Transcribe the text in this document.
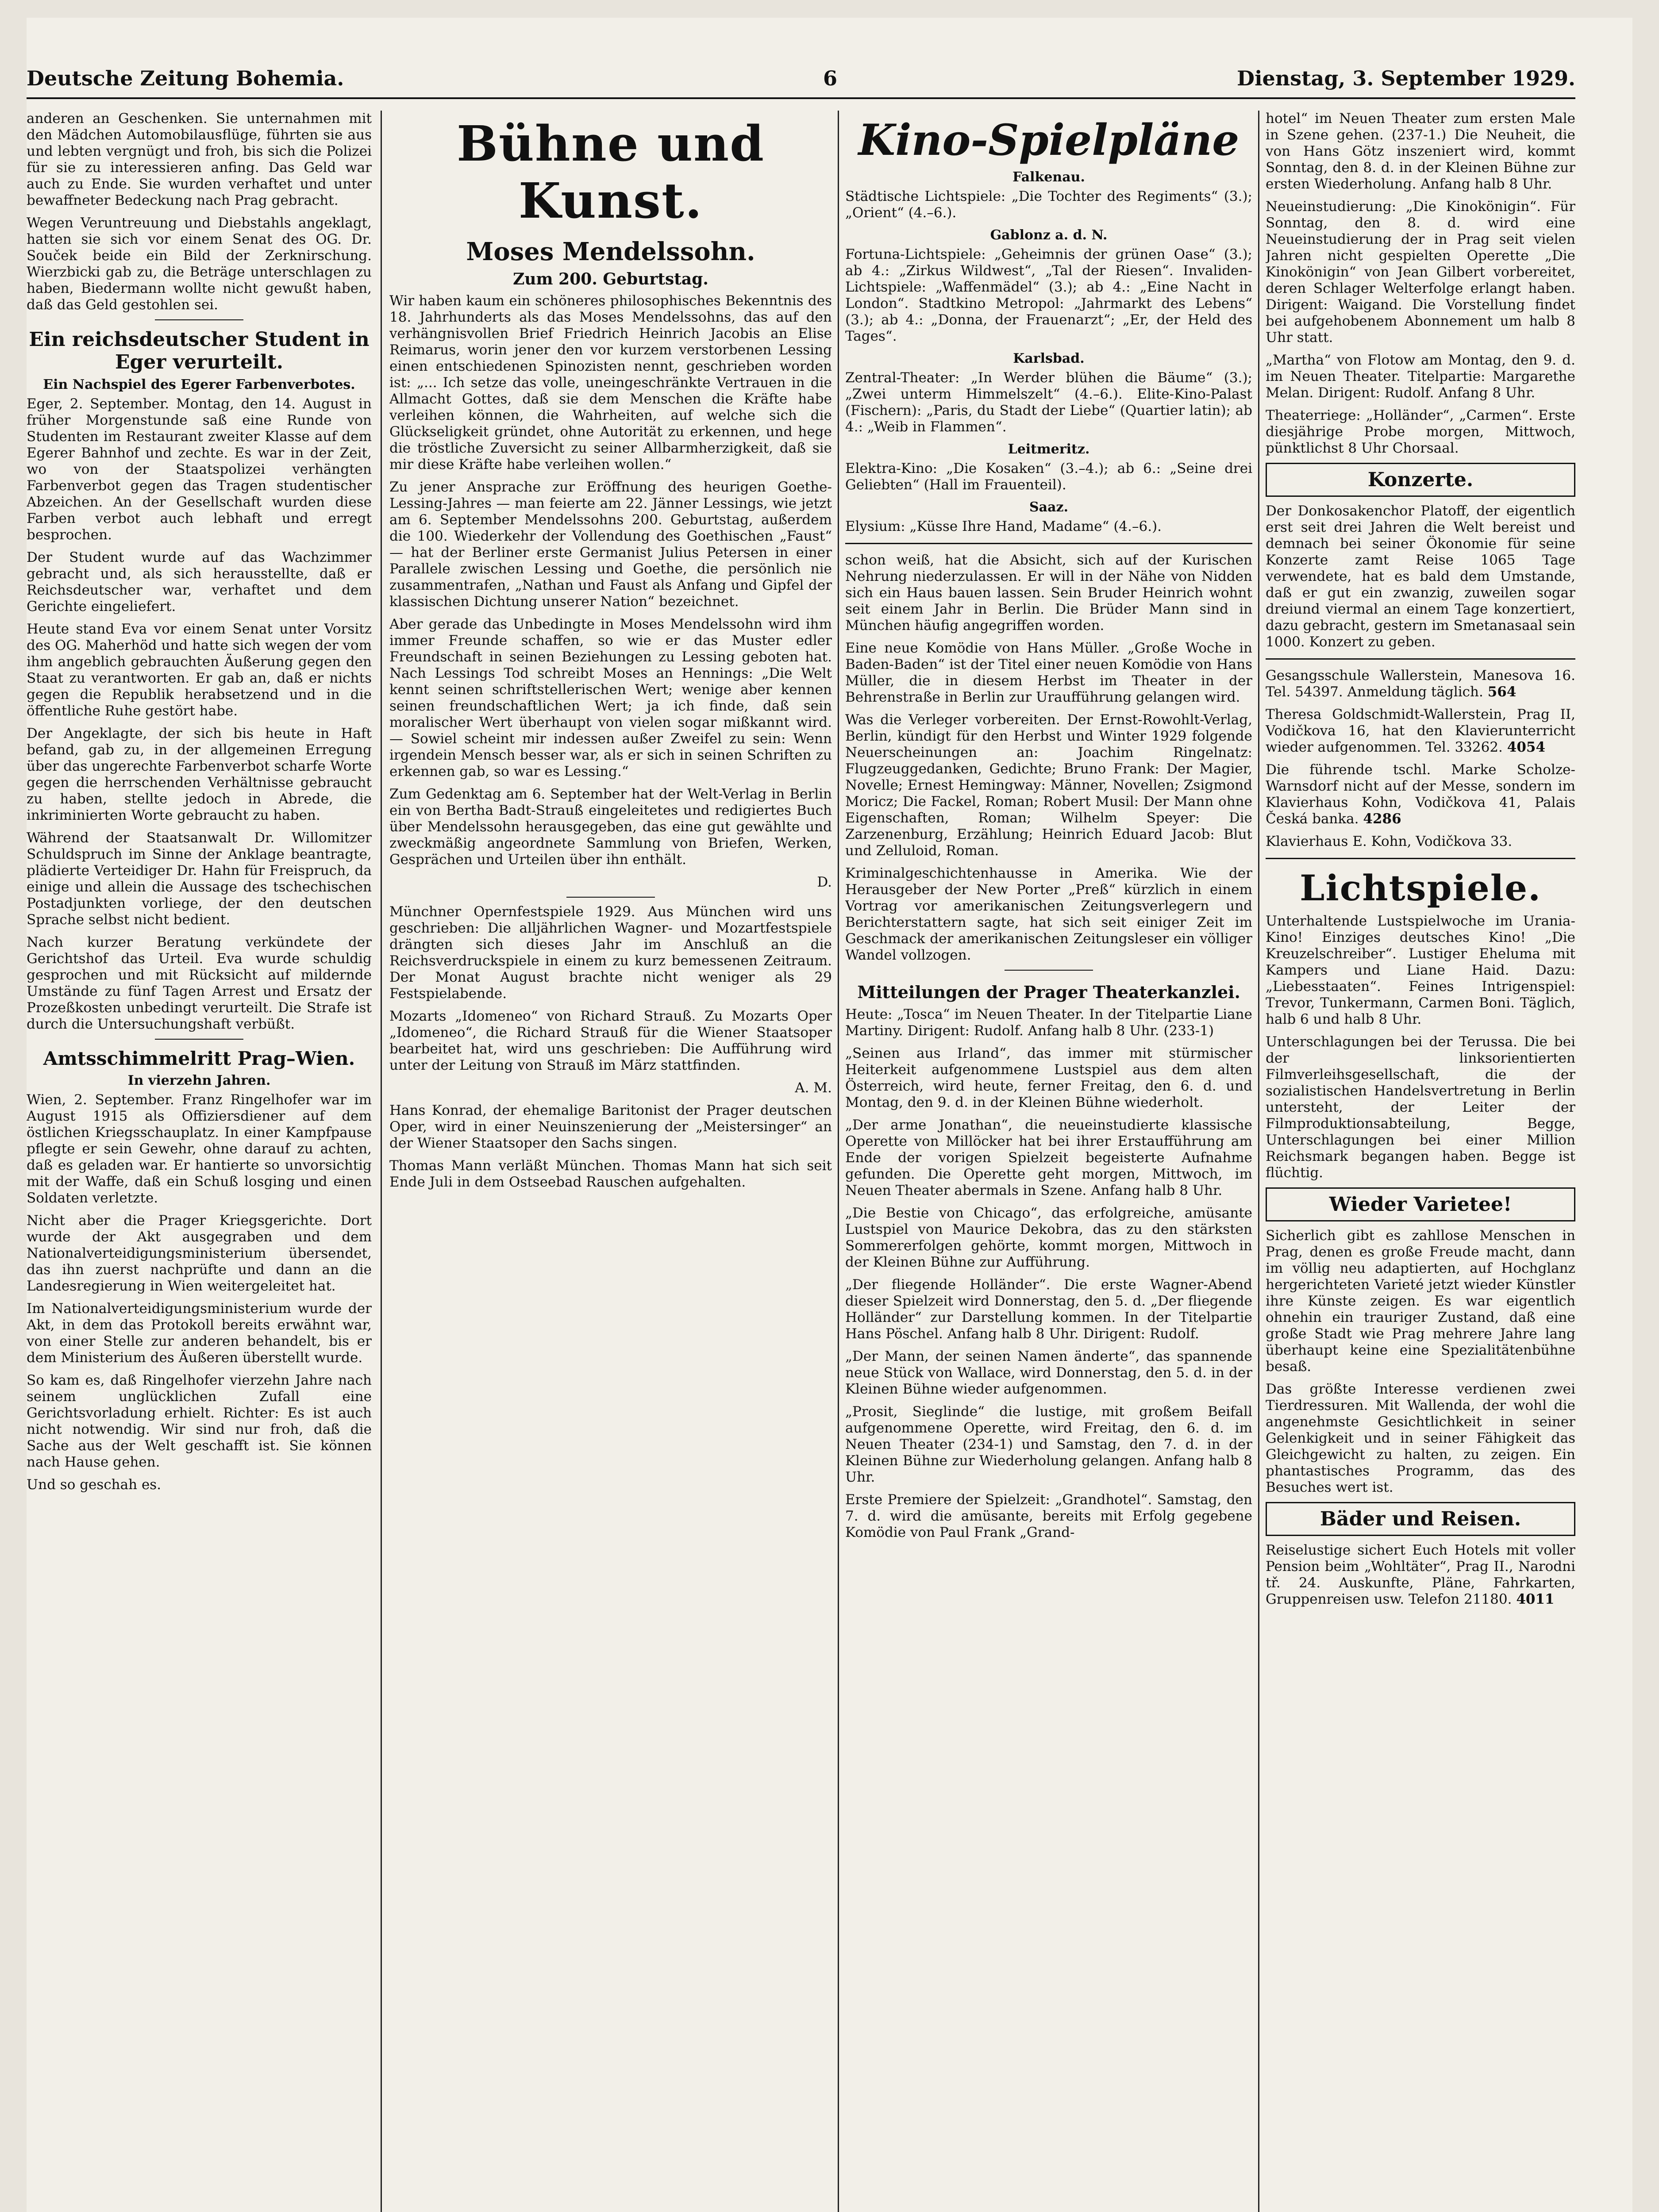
Deutsche Zeitung Bohemia.	6	Dienstag, 3. September 1929.

anderen an Geschenken. Sie unternahmen mit den Mädchen Automobilausflüge, führten sie aus und lebten vergnügt und froh, bis sich die Polizei für sie zu interessieren anfing. Das Geld war auch zu Ende. Sie wurden verhaftet und unter bewaffneter Bedeckung nach Prag gebracht.

Wegen Veruntreuung und Diebstahls angeklagt, hatten sie sich vor einem Senat des OG. Dr. Souček beide ein Bild der Zerknirschung. Wierzbicki gab zu, die Beträge unterschlagen zu haben, Biedermann wollte nicht gewußt haben, daß das Geld gestohlen sei.

Ein reichsdeutscher Student in Eger verurteilt.
Ein Nachspiel des Egerer Farbenverbotes.

Eger, 2. September. Montag, den 14. August in früher Morgenstunde saß eine Runde von Studenten im Restaurant zweiter Klasse auf dem Egerer Bahnhof und zechte. Es war in der Zeit, wo von der Staatspolizei verhängten Farbenverbot gegen das Tragen studentischer Abzeichen. An der Gesellschaft wurden diese Farben verbot auch lebhaft und erregt besprochen.

Der Student wurde auf das Wachzimmer gebracht und, als sich herausstellte, daß er Reichsdeutscher war, verhaftet und dem Gerichte eingeliefert.

Heute stand Eva vor einem Senat unter Vorsitz des OG. Maherhöd und hatte sich wegen der vom ihm angeblich gebrauchten Äußerung gegen den Staat zu verantworten. Er gab an, daß er nichts gegen die Republik herabsetzend und in die öffentliche Ruhe gestört habe.

Der Angeklagte, der sich bis heute in Haft befand, gab zu, in der allgemeinen Erregung über das ungerechte Farbenverbot scharfe Worte gegen die herrschenden Verhältnisse gebraucht zu haben, stellte jedoch in Abrede, die inkriminierten Worte gebraucht zu haben.

Während der Staatsanwalt Dr. Willomitzer Schuldspruch im Sinne der Anklage beantragte, plädierte Verteidiger Dr. Hahn für Freispruch, da einige und allein die Aussage des tschechischen Postadjunkten vorliege, der den deutschen Sprache selbst nicht bedient.

Nach kurzer Beratung verkündete der Gerichtshof das Urteil. Eva wurde schuldig gesprochen und mit Rücksicht auf mildernde Umstände zu fünf Tagen Arrest und Ersatz der Prozeßkosten unbedingt verurteilt. Die Strafe ist durch die Untersuchungshaft verbüßt.

Amtsschimmelritt Prag–Wien.
In vierzehn Jahren.

Wien, 2. September. Franz Ringelhofer war im August 1915 als Offiziersdiener auf dem östlichen Kriegsschauplatz. In einer Kampfpause pflegte er sein Gewehr, ohne darauf zu achten, daß es geladen war. Er hantierte so unvorsichtig mit der Waffe, daß ein Schuß losging und einen Soldaten verletzte.

Nicht aber die Prager Kriegsgerichte. Dort wurde der Akt ausgegraben und dem Nationalverteidigungsministerium übersendet, das ihn zuerst nachprüfte und dann an die Landesregierung in Wien weitergeleitet hat.

Im Nationalverteidigungsministerium wurde der Akt, in dem das Protokoll bereits erwähnt war, von einer Stelle zur anderen behandelt, bis er dem Ministerium des Äußeren überstellt wurde.

So kam es, daß Ringelhofer vierzehn Jahre nach seinem unglücklichen Zufall eine Gerichtsvorladung erhielt. Richter: Es ist auch nicht notwendig. Wir sind nur froh, daß die Sache aus der Welt geschafft ist. Sie können nach Hause gehen.

Und so geschah es.

Bühne und Kunst.
Moses Mendelssohn.
Zum 200. Geburtstag.

Wir haben kaum ein schöneres philosophisches Bekenntnis des 18. Jahrhunderts als das Moses Mendelssohns, das auf den verhängnisvollen Brief Friedrich Heinrich Jacobis an Elise Reimarus, worin jener den vor kurzem verstorbenen Lessing einen entschiedenen Spinozisten nennt, geschrieben worden ist: „... Ich setze das volle, uneingeschränkte Vertrauen in die Allmacht Gottes, daß sie dem Menschen die Kräfte habe verleihen können, die Wahrheiten, auf welche sich die Glückseligkeit gründet, ohne Autorität zu erkennen, und hege die tröstliche Zuversicht zu seiner Allbarmherzigkeit, daß sie mir diese Kräfte habe verleihen wollen.“

Zu jener Ansprache zur Eröffnung des heurigen Goethe-Lessing-Jahres — man feierte am 22. Jänner Lessings, wie jetzt am 6. September Mendelssohns 200. Geburtstag, außerdem die 100. Wiederkehr der Vollendung des Goethischen „Faust“ — hat der Berliner erste Germanist Julius Petersen in einer Parallele zwischen Lessing und Goethe, die persönlich nie zusammentrafen, „Nathan und Faust als Anfang und Gipfel der klassischen Dichtung unserer Nation“ bezeichnet.

Aber gerade das Unbedingte in Moses Mendelssohn wird ihm immer Freunde schaffen, so wie er das Muster edler Freundschaft in seinen Beziehungen zu Lessing geboten hat. Nach Lessings Tod schreibt Moses an Hennings: „Die Welt kennt seinen schriftstellerischen Wert; wenige aber kennen seinen freundschaftlichen Wert; ja ich finde, daß sein moralischer Wert überhaupt von vielen sogar mißkannt wird. — Sowiel scheint mir indessen außer Zweifel zu sein: Wenn irgendein Mensch besser war, als er sich in seinen Schriften zu erkennen gab, so war es Lessing.“

Zum Gedenktag am 6. September hat der Welt-Verlag in Berlin ein von Bertha Badt-Strauß eingeleitetes und redigiertes Buch über Mendelssohn herausgegeben, das eine gut gewählte und zweckmäßig angeordnete Sammlung von Briefen, Werken, Gesprächen und Urteilen über ihn enthält.

D.

Münchner Opernfestspiele 1929. Aus München wird uns geschrieben: Die alljährlichen Wagner- und Mozartfestspiele drängten sich dieses Jahr im Anschluß an die Reichsverdruckspiele in einem zu kurz bemessenen Zeitraum. Der Monat August brachte nicht weniger als 29 Festspielabende.

Mozarts „Idomeneo“ von Richard Strauß. Zu Mozarts Oper „Idomeneo“, die Richard Strauß für die Wiener Staatsoper bearbeitet hat, wird uns geschrieben: Die Aufführung wird unter der Leitung von Strauß im März stattfinden.

A. M.

Hans Konrad, der ehemalige Baritonist der Prager deutschen Oper, wird in einer Neuinszenierung der „Meistersinger“ an der Wiener Staatsoper den Sachs singen.

Thomas Mann verläßt München. Thomas Mann hat sich seit Ende Juli in dem Ostseebad Rauschen aufgehalten.

Kino-Spielpläne
Falkenau.

Städtische Lichtspiele: „Die Tochter des Regiments“ (3.); „Orient“ (4.–6.).

Gablonz a. d. N.

Fortuna-Lichtspiele: „Geheimnis der grünen Oase“ (3.); ab 4.: „Zirkus Wildwest“, „Tal der Riesen“. Invaliden-Lichtspiele: „Waffenmädel“ (3.); ab 4.: „Eine Nacht in London“. Stadtkino Metropol: „Jahrmarkt des Lebens“ (3.); ab 4.: „Donna, der Frauenarzt“; „Er, der Held des Tages“.

Karlsbad.

Zentral-Theater: „In Werder blühen die Bäume“ (3.); „Zwei unterm Himmelszelt“ (4.–6.). Elite-Kino-Palast (Fischern): „Paris, du Stadt der Liebe“ (Quartier latin); ab 4.: „Weib in Flammen“.

Leitmeritz.

Elektra-Kino: „Die Kosaken“ (3.–4.); ab 6.: „Seine drei Geliebten“ (Hall im Frauenteil).

Saaz.

Elysium: „Küsse Ihre Hand, Madame“ (4.–6.).

schon weiß, hat die Absicht, sich auf der Kurischen Nehrung niederzulassen. Er will in der Nähe von Nidden sich ein Haus bauen lassen. Sein Bruder Heinrich wohnt seit einem Jahr in Berlin. Die Brüder Mann sind in München häufig angegriffen worden.

Eine neue Komödie von Hans Müller. „Große Woche in Baden-Baden“ ist der Titel einer neuen Komödie von Hans Müller, die in diesem Herbst im Theater in der Behrenstraße in Berlin zur Uraufführung gelangen wird.

Was die Verleger vorbereiten. Der Ernst-Rowohlt-Verlag, Berlin, kündigt für den Herbst und Winter 1929 folgende Neuerscheinungen an: Joachim Ringelnatz: Flugzeuggedanken, Gedichte; Bruno Frank: Der Magier, Novelle; Ernest Hemingway: Männer, Novellen; Zsigmond Moricz; Die Fackel, Roman; Robert Musil: Der Mann ohne Eigenschaften, Roman; Wilhelm Speyer: Die Zarzenenburg, Erzählung; Heinrich Eduard Jacob: Blut und Zelluloid, Roman.

Kriminalgeschichtenhausse in Amerika. Wie der Herausgeber der New Porter „Preß“ kürzlich in einem Vortrag vor amerikanischen Zeitungsverlegern und Berichterstattern sagte, hat sich seit einiger Zeit im Geschmack der amerikanischen Zeitungsleser ein völliger Wandel vollzogen.

Mitteilungen der Prager Theaterkanzlei.

Heute: „Tosca“ im Neuen Theater. In der Titelpartie Liane Martiny. Dirigent: Rudolf. Anfang halb 8 Uhr. (233-1)

„Seinen aus Irland“, das immer mit stürmischer Heiterkeit aufgenommene Lustspiel aus dem alten Österreich, wird heute, ferner Freitag, den 6. d. und Montag, den 9. d. in der Kleinen Bühne wiederholt.

„Der arme Jonathan“, die neueinstudierte klassische Operette von Millöcker hat bei ihrer Erstaufführung am Ende der vorigen Spielzeit begeisterte Aufnahme gefunden. Die Operette geht morgen, Mittwoch, im Neuen Theater abermals in Szene. Anfang halb 8 Uhr.

„Die Bestie von Chicago“, das erfolgreiche, amüsante Lustspiel von Maurice Dekobra, das zu den stärksten Sommererfolgen gehörte, kommt morgen, Mittwoch in der Kleinen Bühne zur Aufführung.

„Der fliegende Holländer“. Die erste Wagner-Abend dieser Spielzeit wird Donnerstag, den 5. d. „Der fliegende Holländer“ zur Darstellung kommen. In der Titelpartie Hans Pöschel. Anfang halb 8 Uhr. Dirigent: Rudolf.

„Der Mann, der seinen Namen änderte“, das spannende neue Stück von Wallace, wird Donnerstag, den 5. d. in der Kleinen Bühne wieder aufgenommen.

„Prosit, Sieglinde“ die lustige, mit großem Beifall aufgenommene Operette, wird Freitag, den 6. d. im Neuen Theater (234-1) und Samstag, den 7. d. in der Kleinen Bühne zur Wiederholung gelangen. Anfang halb 8 Uhr.

Erste Premiere der Spielzeit: „Grandhotel“. Samstag, den 7. d. wird die amüsante, bereits mit Erfolg gegebene Komödie von Paul Frank „Grand-

hotel“ im Neuen Theater zum ersten Male in Szene gehen. (237-1.) Die Neuheit, die von Hans Götz inszeniert wird, kommt Sonntag, den 8. d. in der Kleinen Bühne zur ersten Wiederholung. Anfang halb 8 Uhr.

Neueinstudierung: „Die Kinokönigin“. Für Sonntag, den 8. d. wird eine Neueinstudierung der in Prag seit vielen Jahren nicht gespielten Operette „Die Kinokönigin“ von Jean Gilbert vorbereitet, deren Schlager Welterfolge erlangt haben. Dirigent: Waigand. Die Vorstellung findet bei aufgehobenem Abonnement um halb 8 Uhr statt.

„Martha“ von Flotow am Montag, den 9. d. im Neuen Theater. Titelpartie: Margarethe Melan. Dirigent: Rudolf. Anfang 8 Uhr.

Theaterriege: „Holländer“, „Carmen“. Erste diesjährige Probe morgen, Mittwoch, pünktlichst 8 Uhr Chorsaal.

Konzerte.

Der Donkosakenchor Platoff, der eigentlich erst seit drei Jahren die Welt bereist und demnach bei seiner Ökonomie für seine Konzerte zamt Reise 1065 Tage verwendete, hat es bald dem Umstande, daß er gut ein zwanzig, zuweilen sogar dreiund viermal an einem Tage konzertiert, dazu gebracht, gestern im Smetanasaal sein 1000. Konzert zu geben.

Gesangsschule Wallerstein, Manesova 16. Tel. 54397. Anmeldung täglich. 564

Theresa Goldschmidt-Wallerstein, Prag II, Vodičkova 16, hat den Klavierunterricht wieder aufgenommen. Tel. 33262. 4054

Die führende tschl. Marke Scholze-Warnsdorf nicht auf der Messe, sondern im Klavierhaus Kohn, Vodičkova 41, Palais Česká banka. 4286

Klavierhaus E. Kohn, Vodičkova 33.

Lichtspiele.

Unterhaltende Lustspielwoche im Urania-Kino! Einziges deutsches Kino! „Die Kreuzelschreiber“. Lustiger Eheluma mit Kampers und Liane Haid. Dazu: „Liebesstaaten“. Feines Intrigenspiel: Trevor, Tunkermann, Carmen Boni. Täglich, halb 6 und halb 8 Uhr.

Unterschlagungen bei der Terussa. Die bei der linksorientierten Filmverleihsgesellschaft, die der sozialistischen Handelsvertretung in Berlin untersteht, der Leiter der Filmproduktionsabteilung, Begge, Unterschlagungen bei einer Million Reichsmark begangen haben. Begge ist flüchtig.

Wieder Varietee!

Sicherlich gibt es zahllose Menschen in Prag, denen es große Freude macht, dann im völlig neu adaptierten, auf Hochglanz hergerichteten Varieté jetzt wieder Künstler ihre Künste zeigen. Es war eigentlich ohnehin ein trauriger Zustand, daß eine große Stadt wie Prag mehrere Jahre lang überhaupt keine eine Spezialitätenbühne besaß.

Das größte Interesse verdienen zwei Tierdressuren. Mit Wallenda, der wohl die angenehmste Gesichtlichkeit in seiner Gelenkigkeit und in seiner Fähigkeit das Gleichgewicht zu halten, zu zeigen. Ein phantastisches Programm, das des Besuches wert ist.

Bäder und Reisen.

Reiselustige sichert Euch Hotels mit voller Pension beim „Wohltäter“, Prag II., Narodni tř. 24. Auskunfte, Pläne, Fahrkarten, Gruppenreisen usw. Telefon 21180. 4011
